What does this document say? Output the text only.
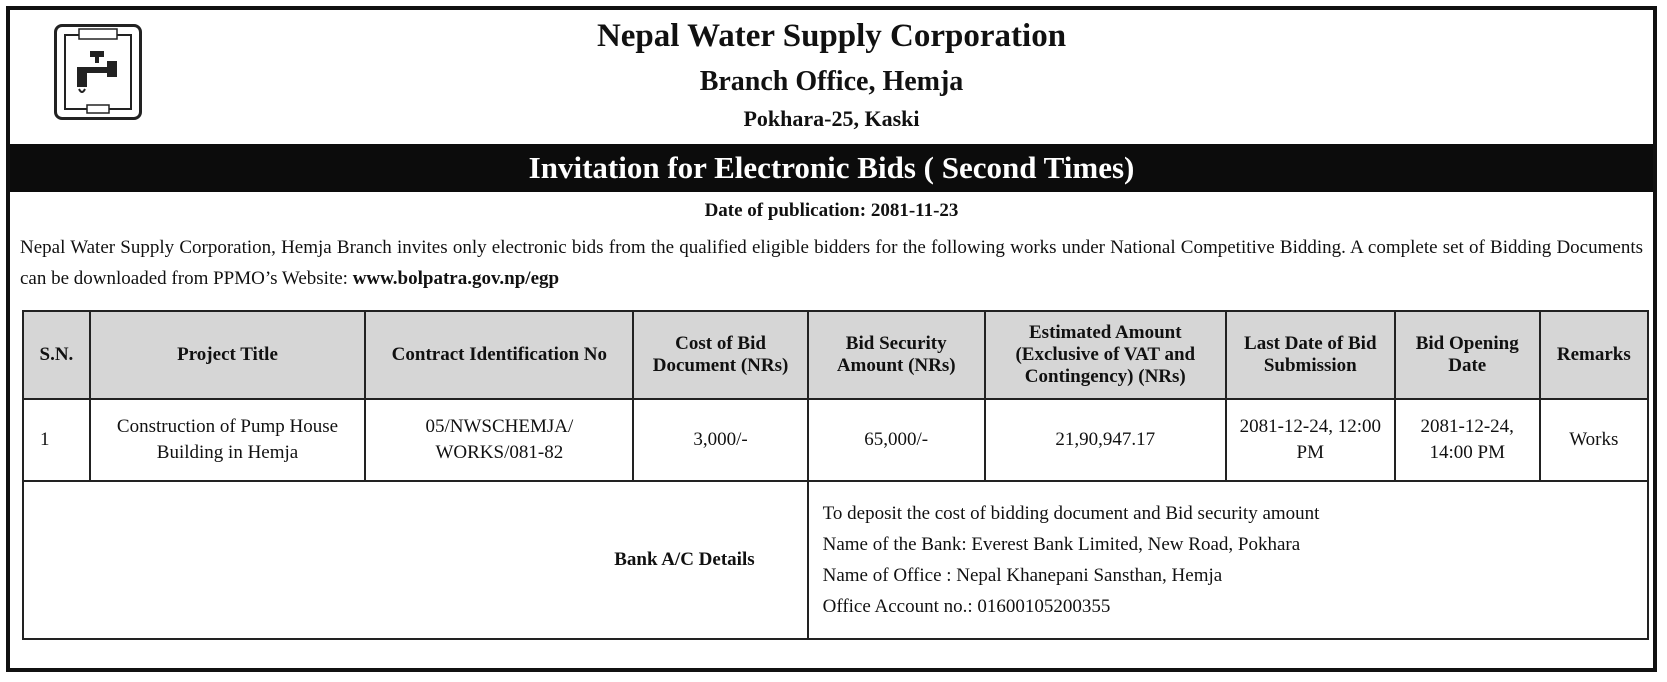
Nepal Water Supply Corporation
Branch Office, Hemja
Pokhara-25, Kaski
Invitation for Electronic Bids ( Second Times)
Date of publication: 2081-11-23
Nepal Water Supply Corporation, Hemja Branch invites only electronic bids from the qualified eligible bidders for the following works under National Competitive Bidding. A complete set of Bidding Documents can be downloaded from PPMO’s Website: www.bolpatra.gov.np/egp
S.N.	Project Title	Contract Identification No	Cost of Bid Document (NRs)	Bid Security Amount (NRs)	Estimated Amount (Exclusive of VAT and Contingency) (NRs)	Last Date of Bid Submission	Bid Opening Date	Remarks
1	Construction of Pump House Building in Hemja	05/NWSCHEMJA/ WORKS/081-82	3,000/-	65,000/-	21,90,947.17	2081-12-24, 12:00 PM	2081-12-24, 14:00 PM	Works
Bank A/C Details				To deposit the cost of bidding document and Bid security amount
Name of the Bank: Everest Bank Limited, New Road, Pokhara
Name of Office : Nepal Khanepani Sansthan, Hemja
Office Account no.: 01600105200355				
